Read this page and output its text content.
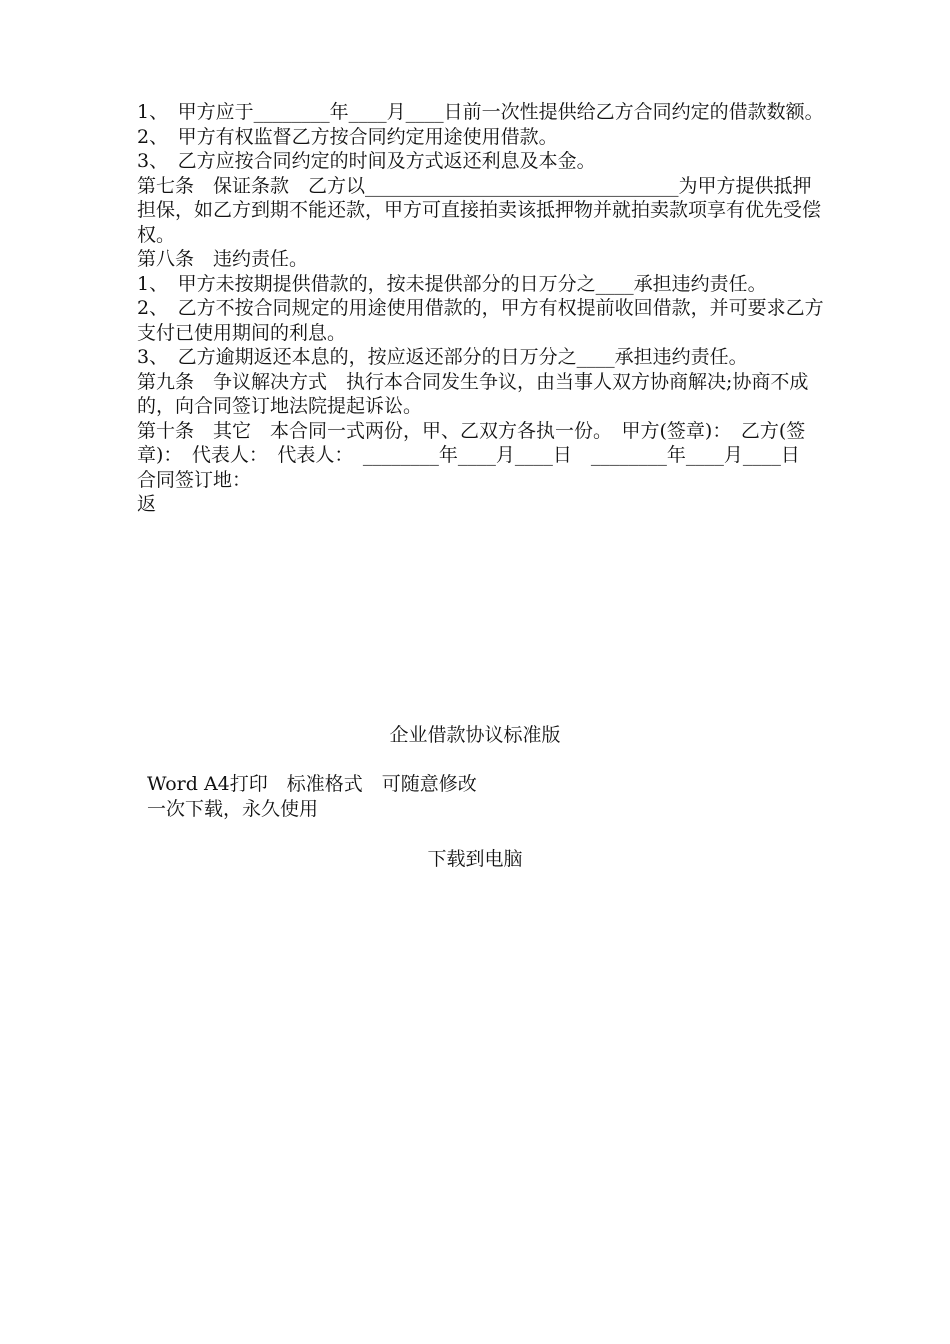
1、　甲方应于________年____月____日前一次性提供给乙方合同约定的借款数额。

2、　甲方有权监督乙方按合同约定用途使用借款。

3、　乙方应按合同约定的时间及方式返还利息及本金。

第七条　保证条款　乙方以_________________________________为甲方提供抵押担保，如乙方到期不能还款，甲方可直接拍卖该抵押物并就拍卖款项享有优先受偿权。

第八条　违约责任。

1、　甲方未按期提供借款的，按未提供部分的日万分之____承担违约责任。

2、　乙方不按合同规定的用途使用借款的，甲方有权提前收回借款，并可要求乙方支付已使用期间的利息。

3、　乙方逾期返还本息的，按应返还部分的日万分之____承担违约责任。

第九条　争议解决方式　执行本合同发生争议，由当事人双方协商解决;协商不成的，向合同签订地法院提起诉讼。

第十条　其它　本合同一式两份，甲、乙双方各执一份。　甲方(签章)：　乙方(签章)：　代表人：　代表人：　________年____月____日　________年____月____日　合同签订地：

返

企业借款协议标准版
Word A4打印　标准格式　可随意修改
一次下载，永久使用
下载到电脑
